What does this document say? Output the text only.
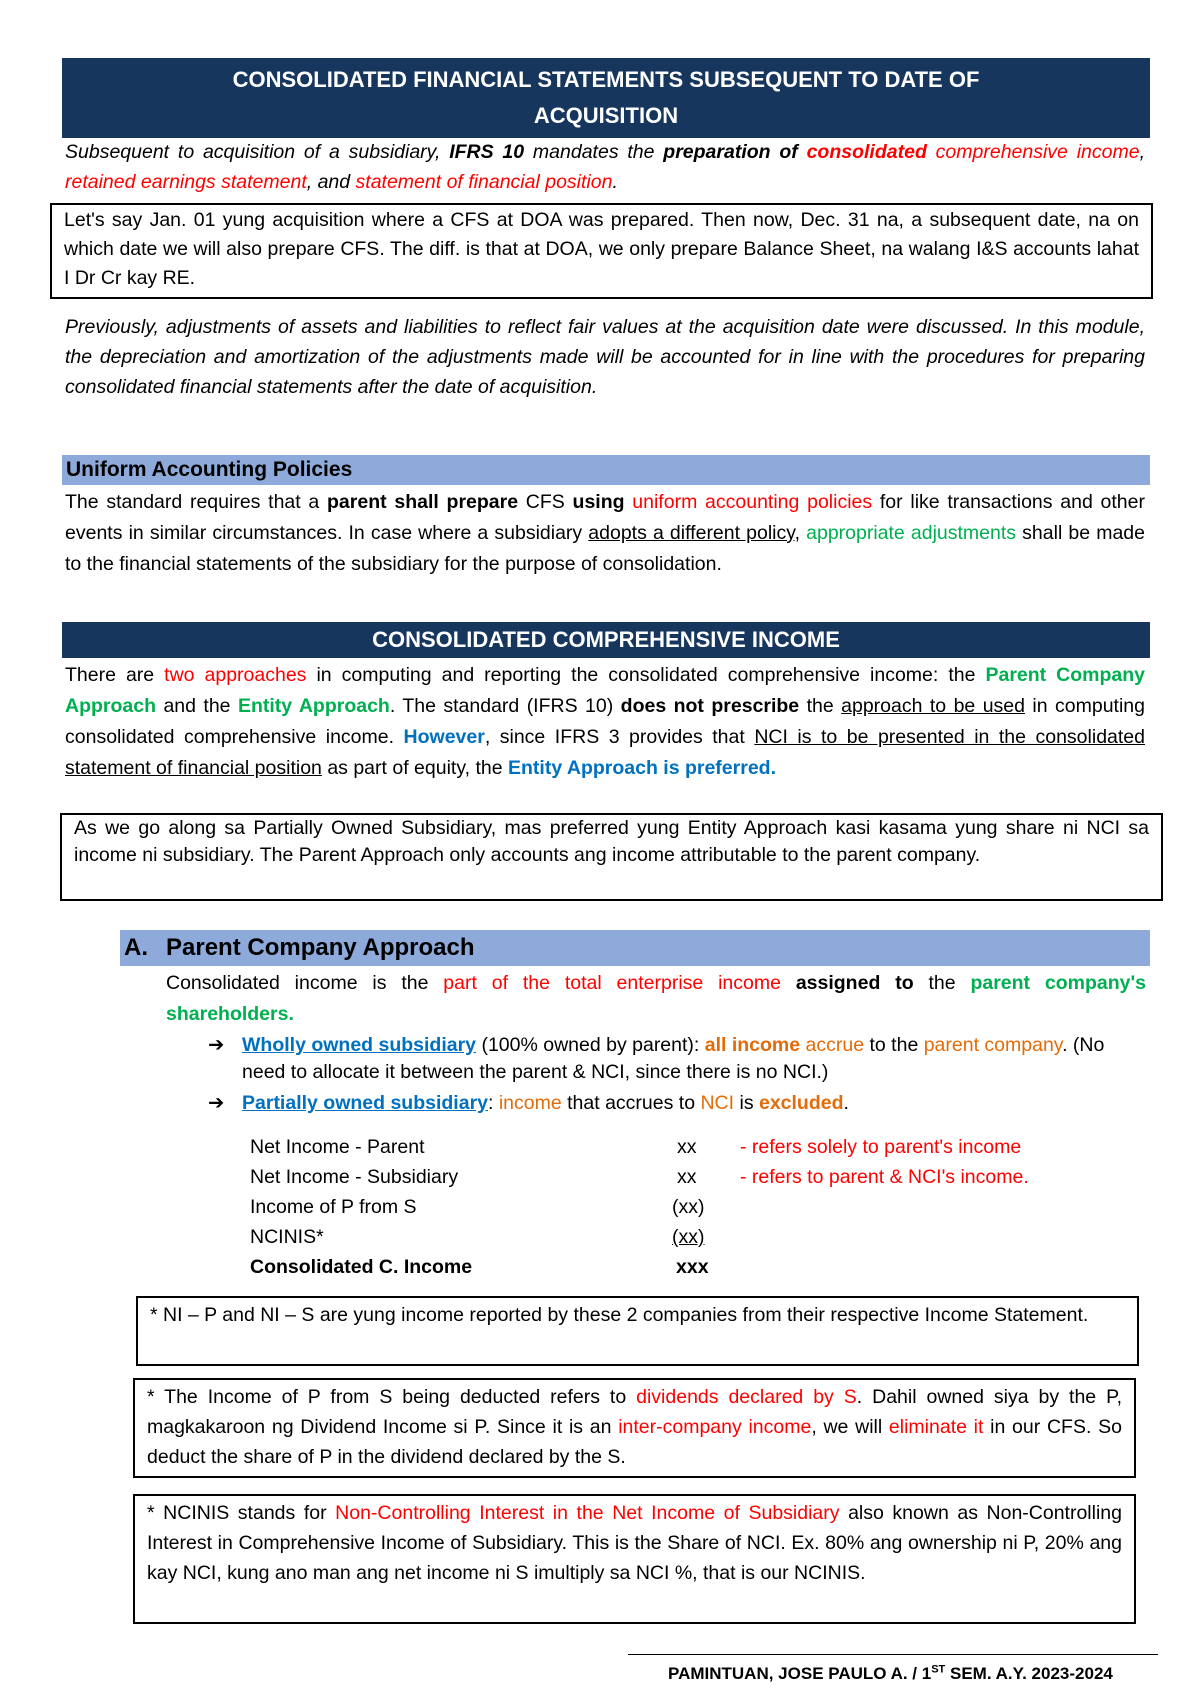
CONSOLIDATED FINANCIAL STATEMENTS SUBSEQUENT TO DATE OF
ACQUISITION
Subsequent to acquisition of a subsidiary, IFRS 10 mandates the preparation of consolidated comprehensive income, retained earnings statement, and statement of financial position.
Let's say Jan. 01 yung acquisition where a CFS at DOA was prepared. Then now, Dec. 31 na, a subsequent date, na on which date we will also prepare CFS. The diff. is that at DOA, we only prepare Balance Sheet, na walang I&S accounts lahat I Dr Cr kay RE.
Previously, adjustments of assets and liabilities to reflect fair values at the acquisition date were discussed. In this module, the depreciation and amortization of the adjustments made will be accounted for in line with the procedures for preparing consolidated financial statements after the date of acquisition.
Uniform Accounting Policies
The standard requires that a parent shall prepare CFS using uniform accounting policies for like transactions and other events in similar circumstances. In case where a subsidiary adopts a different policy, appropriate adjustments shall be made to the financial statements of the subsidiary for the purpose of consolidation.
CONSOLIDATED COMPREHENSIVE INCOME
There are two approaches in computing and reporting the consolidated comprehensive income: the Parent Company Approach and the Entity Approach. The standard (IFRS 10) does not prescribe the approach to be used in computing consolidated comprehensive income. However, since IFRS 3 provides that NCI is to be presented in the consolidated statement of financial position as part of equity, the Entity Approach is preferred.
As we go along sa Partially Owned Subsidiary, mas preferred yung Entity Approach kasi kasama yung share ni NCI sa income ni subsidiary. The Parent Approach only accounts ang income attributable to the parent company.
A. Parent Company Approach
Consolidated income is the part of the total enterprise income assigned to the parent company's shareholders.
➔ Wholly owned subsidiary (100% owned by parent): all income accrue to the parent company. (No need to allocate it between the parent & NCI, since there is no NCI.)
➔ Partially owned subsidiary: income that accrues to NCI is excluded.
Net Income - Parent	xx - refers solely to parent's income
Net Income - Subsidiary	xx - refers to parent & NCI's income.
Income of P from S	(xx)
NCINIS*	(xx)
Consolidated C. Income	xxx
* NI – P and NI – S are yung income reported by these 2 companies from their respective Income Statement.
* The Income of P from S being deducted refers to dividends declared by S. Dahil owned siya by the P, magkakaroon ng Dividend Income si P. Since it is an inter-company income, we will eliminate it in our CFS. So deduct the share of P in the dividend declared by the S.
* NCINIS stands for Non-Controlling Interest in the Net Income of Subsidiary also known as Non-Controlling Interest in Comprehensive Income of Subsidiary. This is the Share of NCI. Ex. 80% ang ownership ni P, 20% ang kay NCI, kung ano man ang net income ni S imultiply sa NCI %, that is our NCINIS.
PAMINTUAN, JOSE PAULO A. / 1ST SEM. A.Y. 2023-2024
